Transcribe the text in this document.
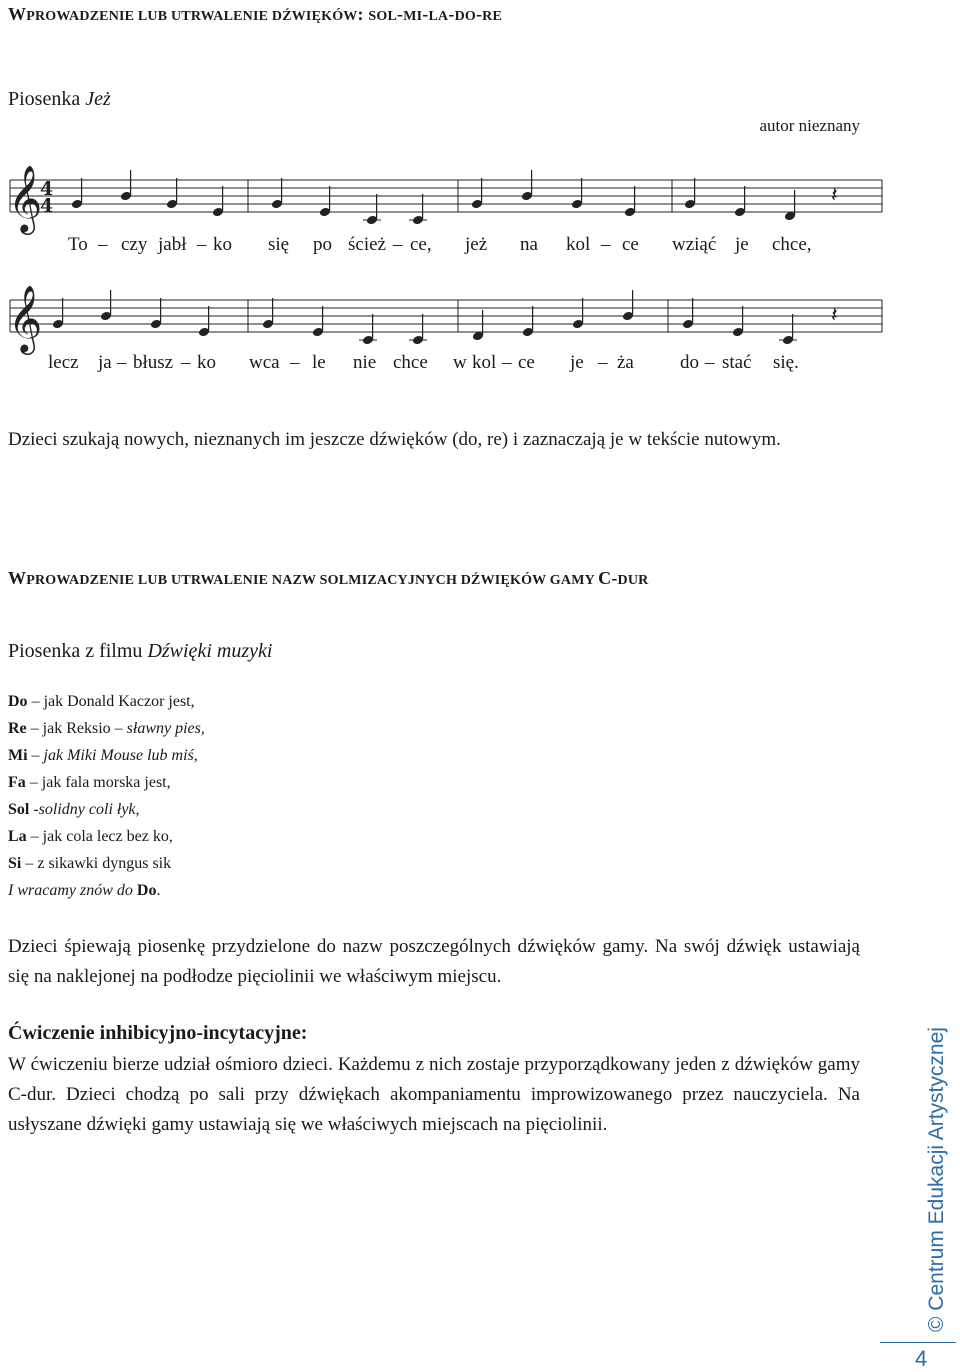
WPROWADZENIE LUB UTRWALENIE DŹWIĘKÓW: SOL-MI-LA-DO-RE
Piosenka Jeż
autor nieznany
𝄞
4
4	𝄽
To – czy jabł – ko się po ścież – ce, jeż na kol – ce wziąć je chce,
𝄞	𝄽
lecz ja – błusz – ko wca – le nie chce w kol – ce je – ża do – stać się.
Dzieci szukają nowych, nieznanych im jeszcze dźwięków (do, re) i zaznaczają je w tekście nutowym.
WPROWADZENIE LUB UTRWALENIE NAZW SOLMIZACYJNYCH DŹWIĘKÓW GAMY C-DUR
Piosenka z filmu Dźwięki muzyki
Do – jak Donald Kaczor jest,
Re – jak Reksio – sławny pies,
Mi – jak Miki Mouse lub miś,
Fa – jak fala morska jest,
Sol -solidny coli łyk,
La – jak cola lecz bez ko,
Si – z sikawki dyngus sik
I wracamy znów do Do.
Dzieci śpiewają piosenkę przydzielone do nazw poszczególnych dźwięków gamy. Na swój dźwięk ustawiają się na naklejonej na podłodze pięciolinii we właściwym miejscu.
Ćwiczenie inhibicyjno-incytacyjne:
W ćwiczeniu bierze udział ośmioro dzieci. Każdemu z nich zostaje przyporządkowany jeden z dźwięków gamy C-dur. Dzieci chodzą po sali przy dźwiękach akompaniamentu improwizowanego przez nauczyciela. Na usłyszane dźwięki gamy ustawiają się we właściwych miejscach na pięciolinii.	© Centrum Edukacji Artystycznej
4
